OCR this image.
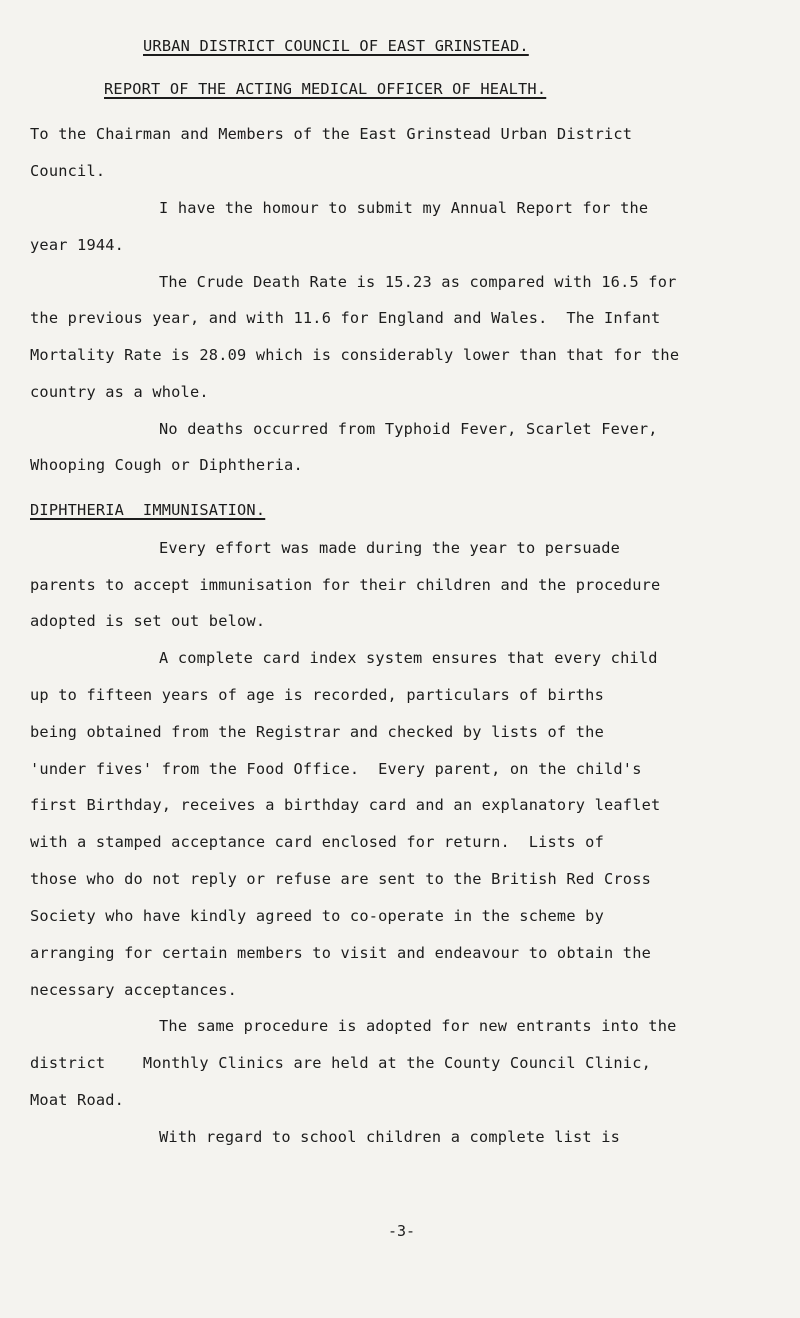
URBAN DISTRICT COUNCIL OF EAST GRINSTEAD.
REPORT OF THE ACTING MEDICAL OFFICER OF HEALTH.
To the Chairman and Members of the East Grinstead Urban District
Council.
I have the homour to submit my Annual Report for the
year 1944.
The Crude Death Rate is 15.23 as compared with 16.5 for
the previous year, and with 11.6 for England and Wales.  The Infant
Mortality Rate is 28.09 which is considerably lower than that for the
country as a whole.
No deaths occurred from Typhoid Fever, Scarlet Fever,
Whooping Cough or Diphtheria.
DIPHTHERIA  IMMUNISATION.
Every effort was made during the year to persuade
parents to accept immunisation for their children and the procedure
adopted is set out below.
A complete card index system ensures that every child
up to fifteen years of age is recorded, particulars of births
being obtained from the Registrar and checked by lists of the
'under fives' from the Food Office.  Every parent, on the child's
first Birthday, receives a birthday card and an explanatory leaflet
with a stamped acceptance card enclosed for return.  Lists of
those who do not reply or refuse are sent to the British Red Cross
Society who have kindly agreed to co-operate in the scheme by
arranging for certain members to visit and endeavour to obtain the
necessary acceptances.
The same procedure is adopted for new entrants into the
district    Monthly Clinics are held at the County Council Clinic,
Moat Road.
With regard to school children a complete list is
-3-
